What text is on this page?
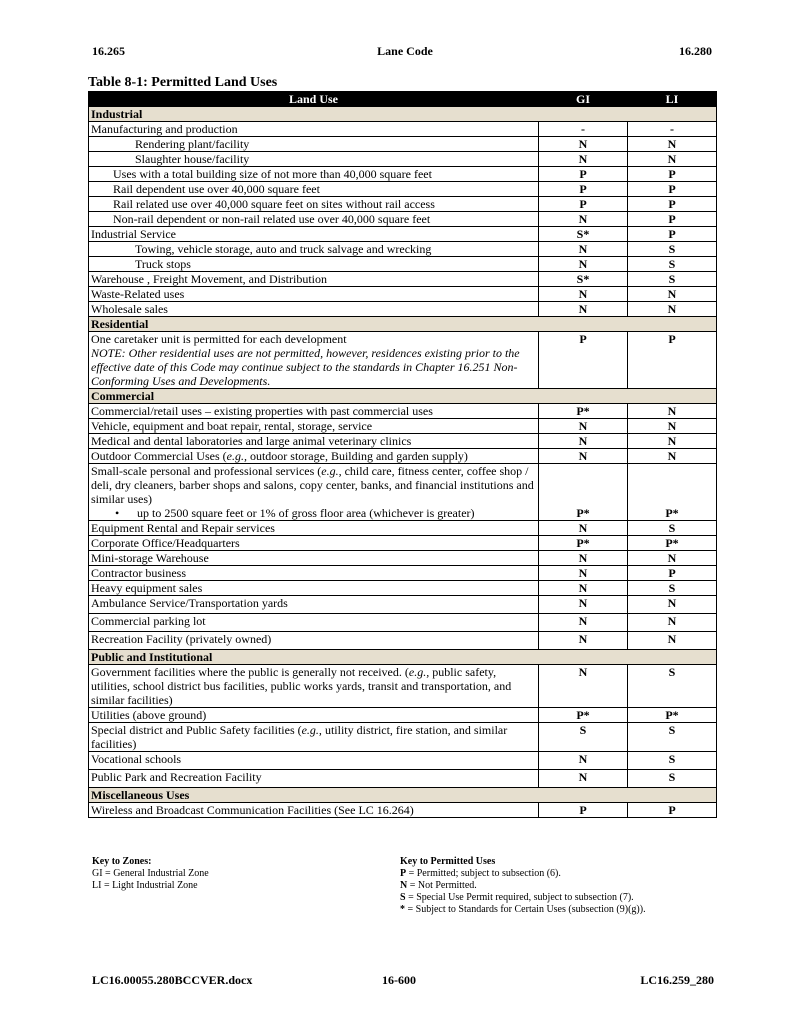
16.265	Lane Code	16.280
Table 8-1: Permitted Land Uses
Land Use	GI	LI
Industrial		
Manufacturing and production	-	-
Rendering plant/facility	N	N
Slaughter house/facility	N	N
Uses with a total building size of not more than 40,000 square feet	P	P
Rail dependent use over 40,000 square feet	P	P
Rail related use over 40,000 square feet on sites without rail access	P	P
Non-rail dependent or non-rail related use over 40,000 square feet	N	P
Industrial Service	S*	P
Towing, vehicle storage, auto and truck salvage and wrecking	N	S
Truck stops	N	S
Warehouse , Freight Movement, and Distribution	S*	S
Waste-Related uses	N	N
Wholesale sales	N	N
Residential		
One caretaker unit is permitted for each development
NOTE: Other residential uses are not permitted, however, residences existing prior to the effective date of this Code may continue subject to the standards in Chapter 16.251 Non-Conforming Uses and Developments.	P	P
Commercial		
Commercial/retail uses – existing properties with past commercial uses	P*	N
Vehicle, equipment and boat repair, rental, storage, service	N	N
Medical and dental laboratories and large animal veterinary clinics	N	N
Outdoor Commercial Uses (e.g., outdoor storage, Building and garden supply)	N	N
Small-scale personal and professional services (e.g., child care, fitness center, coffee shop / deli, dry cleaners, barber shops and salons, copy center, banks, and financial institutions and similar uses)
• up to 2500 square feet or 1% of gross floor area (whichever is greater)	P*	P*
Equipment Rental and Repair services	N	S
Corporate Office/Headquarters	P*	P*
Mini-storage Warehouse	N	N
Contractor business	N	P
Heavy equipment sales	N	S
Ambulance Service/Transportation yards	N	N
Commercial parking lot	N	N
Recreation Facility (privately owned)	N	N
Public and Institutional		
Government facilities where the public is generally not received. (e.g., public safety, utilities, school district bus facilities, public works yards, transit and transportation, and similar facilities)	N	S
Utilities (above ground)	P*	P*
Special district and Public Safety facilities (e.g., utility district, fire station, and similar facilities)	S	S
Vocational schools	N	S
Public Park and Recreation Facility	N	S
Miscellaneous Uses		
Wireless and Broadcast Communication Facilities (See LC 16.264)	P	P
Key to Zones:
GI = General Industrial Zone
LI = Light Industrial Zone
Key to Permitted Uses
P = Permitted; subject to subsection (6).
N = Not Permitted.
S = Special Use Permit required, subject to subsection (7).
* = Subject to Standards for Certain Uses (subsection (9)(g)).
LC16.00055.280BCCVER.docx	16-600	LC16.259_280
